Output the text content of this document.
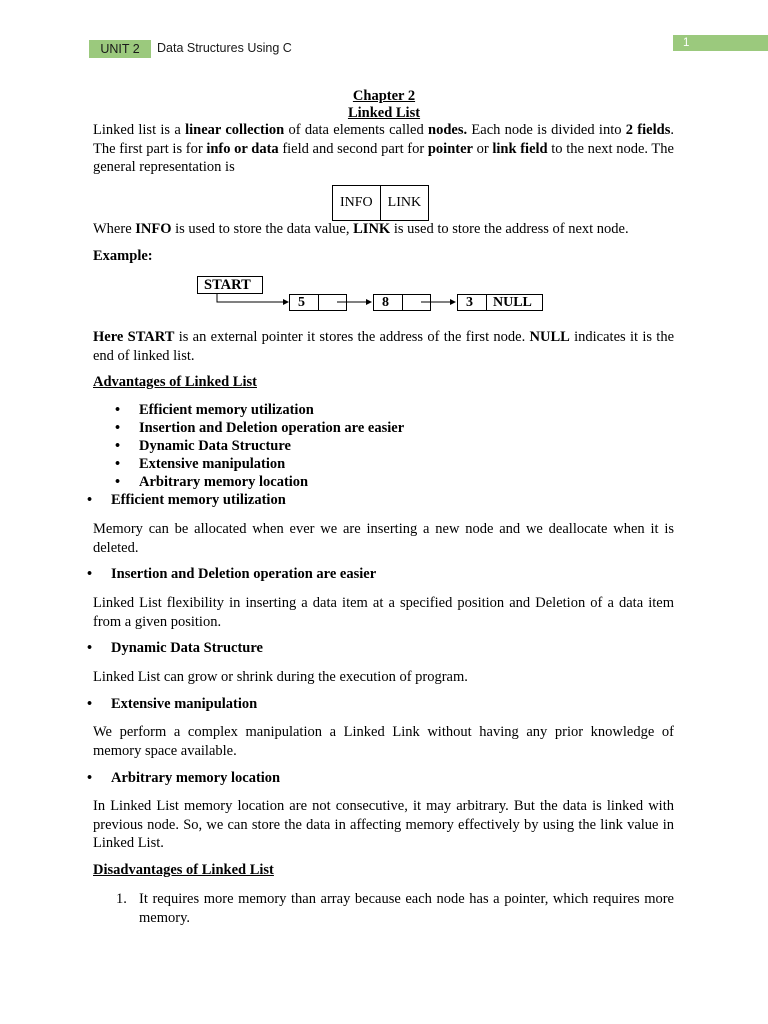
UNIT 2	Data Structures Using C	1
Chapter 2
Linked List

Linked list is a linear collection of data elements called nodes. Each node is divided into 2 fields. The first part is for info or data field and second part for pointer or link field to the next node. The general representation is

INFO	LINK

Where INFO is used to store the data value, LINK is used to store the address of next node.

Example:
START
5	8	3 NULL

Here START is an external pointer it stores the address of the first node. NULL indicates it is the end of linked list.

Advantages of Linked List
• Efficient memory utilization
• Insertion and Deletion operation are easier
• Dynamic Data Structure
• Extensive manipulation
• Arbitrary memory location
• Efficient memory utilization

Memory can be allocated when ever we are inserting a new node and we deallocate when it is deleted.

• Insertion and Deletion operation are easier

Linked List flexibility in inserting a data item at a specified position and Deletion of a data item from a given position.

• Dynamic Data Structure

Linked List can grow or shrink during the execution of program.

• Extensive manipulation

We perform a complex manipulation a Linked Link without having any prior knowledge of memory space available.

• Arbitrary memory location

In Linked List memory location are not consecutive, it may arbitrary. But the data is linked with previous node. So, we can store the data in affecting memory effectively by using the link value in Linked List.

Disadvantages of Linked List
1. It requires more memory than array because each node has a pointer, which requires more memory.
